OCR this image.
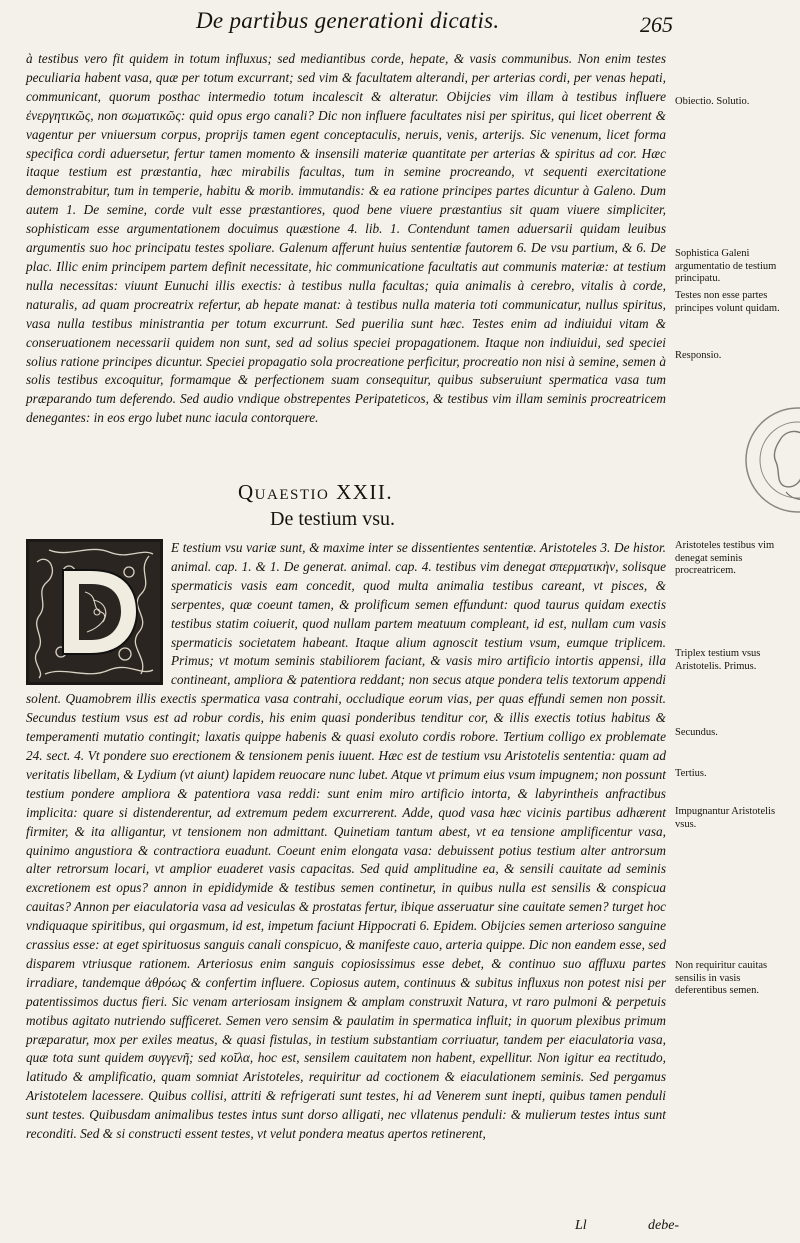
De partibus generationi dicatis.	265

à testibus vero fit quidem in totum influxus; sed mediantibus corde, hepate, & vasis communibus. Non enim testes peculiaria habent vasa, quæ per totum excurrant; sed vim & facultatem alterandi, per arterias cordi, per venas hepati, communicant, quorum posthac intermedio totum incalescit & alteratur. Obijcies vim illam à testibus influere ἐνεργητικῶς, non σωματικῶς: quid opus ergo canali? Dic non influere facultates nisi per spiritus, qui licet oberrent & vagentur per vniuersum corpus, proprijs tamen egent conceptaculis, neruis, venis, arterijs. Sic venenum, licet forma specifica cordi aduersetur, fertur tamen momento & insensili materiæ quantitate per arterias & spiritus ad cor. Hæc itaque testium est præstantia, hæc mirabilis facultas, tum in semine procreando, vt sequenti exercitatione demonstrabitur, tum in temperie, habitu & morib. immutandis: & ea ratione principes partes dicuntur à Galeno. Dum autem 1. De semine, corde vult esse præstantiores, quod bene viuere præstantius sit quam viuere simpliciter, sophisticam esse argumentationem docuimus quæstione 4. lib. 1. Contendunt tamen aduersarii quidam leuibus argumentis suo hoc principatu testes spoliare. Galenum afferunt huius sententiæ fautorem 6. De vsu partium, & 6. De plac. Illic enim principem partem definit necessitate, hic communicatione facultatis aut communis materiæ: at testium nulla necessitas: viuunt Eunuchi illis exectis: à testibus nulla facultas; quia animalis à cerebro, vitalis à corde, naturalis, ad quam procreatrix refertur, ab hepate manat: à testibus nulla materia toti communicatur, nullus spiritus, vasa nulla testibus ministrantia per totum excurrunt. Sed puerilia sunt hæc. Testes enim ad indiuidui vitam & conseruationem necessarii quidem non sunt, sed ad solius speciei propagationem. Itaque non indiuidui, sed speciei solius ratione principes dicuntur. Speciei propagatio sola procreatione perficitur, procreatio non nisi à semine, semen à solis testibus excoquitur, formamque & perfectionem suam consequitur, quibus subseruiunt spermatica vasa tum præparando tum deferendo. Sed audio vndique obstrepentes Peripateticos, & testibus vim illam seminis procreatricem denegantes: in eos ergo lubet nunc iacula contorquere.

Quaestio XXII.
De testium vsu.

E testium vsu variæ sunt, & maxime inter se dissentientes sententiæ. Aristoteles 3. De histor. animal. cap. 1. & 1. De generat. animal. cap. 4. testibus vim denegat σπερματικὴν, solisque spermaticis vasis eam concedit, quod multa animalia testibus careant, vt pisces, & serpentes, quæ coeunt tamen, & prolificum semen effundunt: quod taurus quidam exectis testibus statim coiuerit, quod nullam partem meatuum compleant, id est, nullam cum vasis spermaticis societatem habeant. Itaque alium agnoscit testium vsum, eumque triplicem. Primus; vt motum seminis stabiliorem faciant, & vasis miro artificio intortis appensi, illa contineant, ampliora & patentiora reddant; non secus atque pondera telis textorum appendi solent. Quamobrem illis exectis spermatica vasa contrahi, occludique eorum vias, per quas effundi semen non possit. Secundus testium vsus est ad robur cordis, his enim quasi ponderibus tenditur cor, & illis exectis totius habitus & temperamenti mutatio contingit; laxatis quippe habenis & quasi exoluto cordis robore. Tertium colligo ex problemate 24. sect. 4. Vt pondere suo erectionem & tensionem penis iuuent. Hæc est de testium vsu Aristotelis sententia: quam ad veritatis libellam, & Lydium (vt aiunt) lapidem reuocare nunc lubet. Atque vt primum eius vsum impugnem; non possunt testium pondere ampliora & patentiora vasa reddi: sunt enim miro artificio intorta, & labyrintheis anfractibus implicita: quare si distenderentur, ad extremum pedem excurrerent. Adde, quod vasa hæc vicinis partibus adhærent firmiter, & ita alligantur, vt tensionem non admittant. Quinetiam tantum abest, vt ea tensione amplificentur vasa, quinimo angustiora & contractiora euadunt. Coeunt enim elongata vasa: debuissent potius testium alter antrorsum alter retrorsum locari, vt amplior euaderet vasis capacitas. Sed quid amplitudine ea, & sensili cauitate ad seminis excretionem est opus? annon in epididymide & testibus semen continetur, in quibus nulla est sensilis & conspicua cauitas? Annon per eiaculatoria vasa ad vesiculas & prostatas fertur, ibique asseruatur sine cauitate semen? turget hoc vndiquaque spiritibus, qui orgasmum, id est, impetum faciunt Hippocrati 6. Epidem. Obijcies semen arterioso sanguine crassius esse: at eget spirituosus sanguis canali conspicuo, & manifeste cauo, arteria quippe. Dic non eandem esse, sed disparem vtriusque rationem. Arteriosus enim sanguis copiosissimus esse debet, & continuo suo affluxu partes irradiare, tandemque ἀθρόως & confertim influere. Copiosus autem, continuus & subitus influxus non potest nisi per patentissimos ductus fieri. Sic venam arteriosam insignem & amplam construxit Natura, vt raro pulmoni & perpetuis motibus agitato nutriendo sufficeret. Semen vero sensim & paulatim in spermatica influit; in quorum plexibus primum præparatur, mox per exiles meatus, & quasi fistulas, in testium substantiam corriuatur, tandem per eiaculatoria vasa, quæ tota sunt quidem συγγενῆ; sed κοῖλα, hoc est, sensilem cauitatem non habent, expellitur. Non igitur ea rectitudo, latitudo & amplificatio, quam somniat Aristoteles, requiritur ad coctionem & eiaculationem seminis. Sed pergamus Aristotelem lacessere. Quibus collisi, attriti & refrigerati sunt testes, hi ad Venerem sunt inepti, quibus tamen penduli sunt testes. Quibusdam animalibus testes intus sunt dorso alligati, nec vllatenus penduli: & mulierum testes intus sunt reconditi. Sed & si constructi essent testes, vt velut pondera meatus apertos retinerent,

Obiectio. Solutio.
Sophistica Galeni argumentatio de testium principatu.
Testes non esse partes principes volunt quidam.
Responsio.
Aristoteles testibus vim denegat seminis procreatricem.
Triplex testium vsus Aristotelis. Primus.
Secundus.
Tertius.
Impugnantur Aristotelis vsus.
Non requiritur cauitas sensilis in vasis deferentibus semen.
Ll	debe-
